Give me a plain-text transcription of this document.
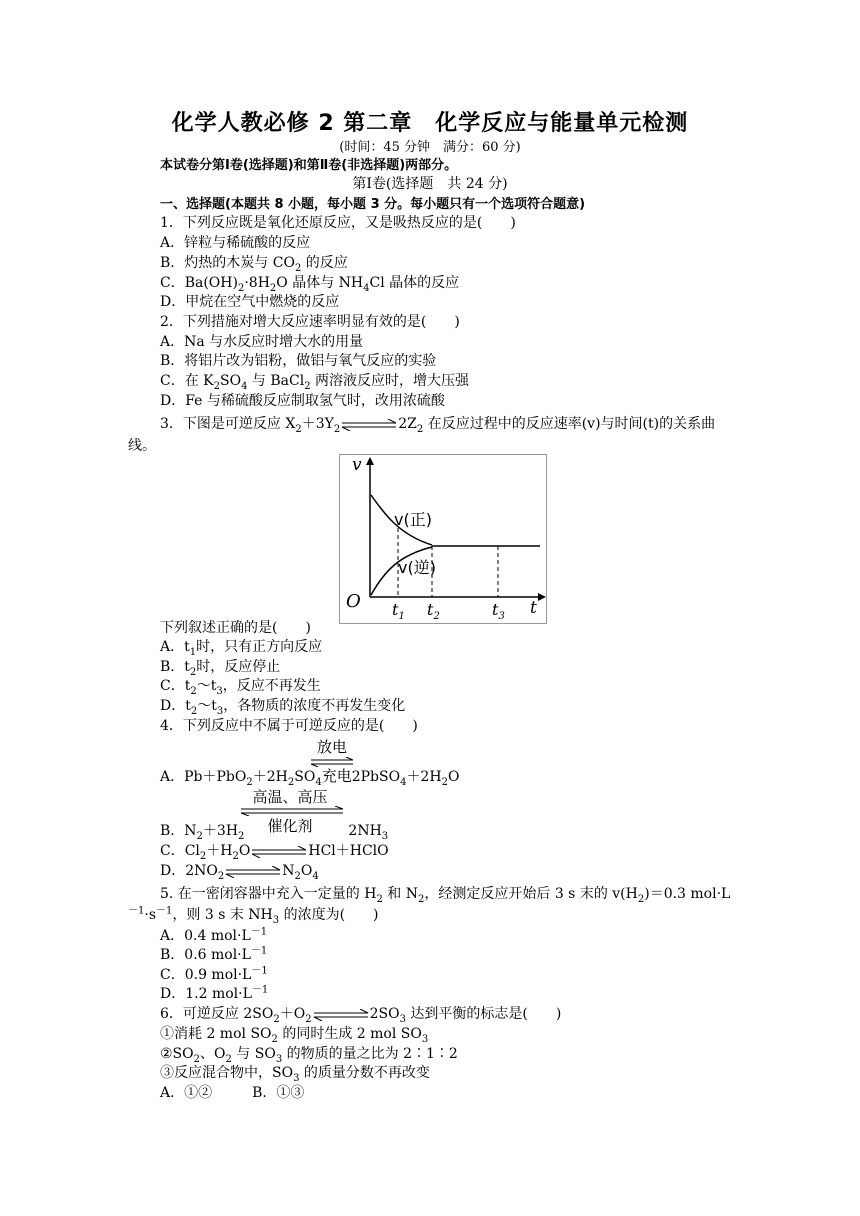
化学人教必修 2 第二章　化学反应与能量单元检测
(时间：45 分钟　满分：60 分)
本试卷分第Ⅰ卷(选择题)和第Ⅱ卷(非选择题)两部分。
第Ⅰ卷(选择题　共 24 分)
一、选择题(本题共 8 小题，每小题 3 分。每小题只有一个选项符合题意)
1．下列反应既是氧化还原反应，又是吸热反应的是(　　)
A．锌粒与稀硫酸的反应
B．灼热的木炭与 $CO_2$ 的反应
C．$Ba(OH)_2\cdot 8H_2O$ 晶体与 $NH_4Cl$ 晶体的反应
D．甲烷在空气中燃烧的反应
2．下列措施对增大反应速率明显有效的是(　　)
A．Na 与水反应时增大水的用量
B．将铝片改为铝粉，做铝与氧气反应的实验
C．在 $K_2SO_4$ 与 BaCl$_2$ 两溶液反应时，增大压强
D．Fe 与稀硫酸反应制取氢气时，改用浓硫酸
3．下图是可逆反应 $X_2+3Y_2$	$2Z_2$ 在反应过程中的反应速率(v)与时间(t)的关系曲
线。
v
t
O
v(正)
v(逆)
$t_1$ $t_2$	$t_3$
下列叙述正确的是(　　)
A．$t_1$时，只有正方向反应
B．$t_2$时，反应停止
C．$t_2\sim t_3$，反应不再发生
D．$t_2\sim t_3$，各物质的浓度不再发生变化
4．下列反应中不属于可逆反应的是(　　)
放电
A．$Pb+PbO_2+2H_2SO_4$充电$2PbSO_4+2H_2O$
高温、高压
催化剂
B．$N_2+3H_2$	$2NH_3$
C．$Cl_2+H_2O$	HCl＋HClO
D．$2NO_2$	$N_2O_4$
5. 在一密闭容器中充入一定量的 $H_2$ 和 $N_2$，经测定反应开始后 3 s 末的 $v(H_2)=0.3$ mol·L
$^{-1}\cdot s^{-1}$，则 3 s 末 $NH_3$ 的浓度为(　　)
A．0.4 $mol\cdot L^{-1}$
B．0.6 $mol\cdot L^{-1}$
C．0.9 $mol\cdot L^{-1}$
D．1.2 $mol\cdot L^{-1}$
6．可逆反应 $2SO_2+O_2$	$2SO_3$ 达到平衡的标志是(　　)
①消耗 2 mol $SO_2$ 的同时生成 2 mol $SO_3$
$②SO_2$、$O_2$ 与 $SO_3$ 的物质的量之比为 2∶1∶2
③反应混合物中，$SO_3$ 的质量分数不再改变
A．①②	B．①③
